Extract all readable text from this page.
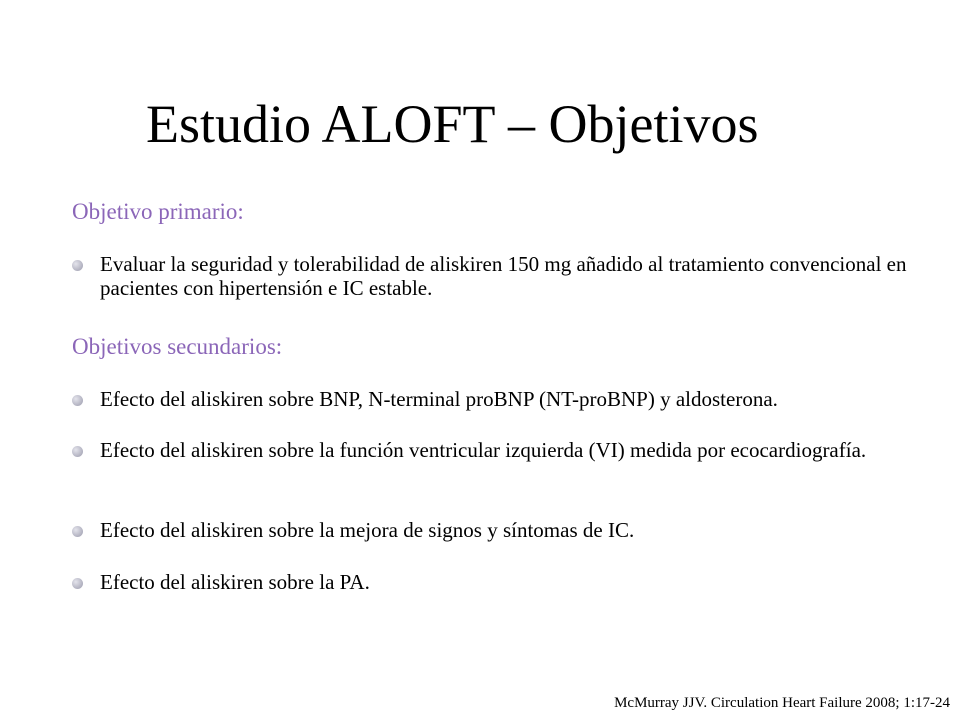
Estudio ALOFT – Objetivos
Objetivo primario:
Evaluar la seguridad y tolerabilidad de aliskiren 150 mg añadido al tratamiento convencional en pacientes con hipertensión e IC estable.
Objetivos secundarios:
Efecto del aliskiren sobre BNP, N-terminal proBNP (NT-proBNP) y aldosterona.
Efecto del aliskiren sobre la función ventricular izquierda (VI) medida por ecocardiografía.
Efecto del aliskiren sobre la mejora de signos y síntomas de IC.
Efecto del aliskiren sobre la PA.
McMurray JJV. Circulation Heart Failure 2008; 1:17-24
